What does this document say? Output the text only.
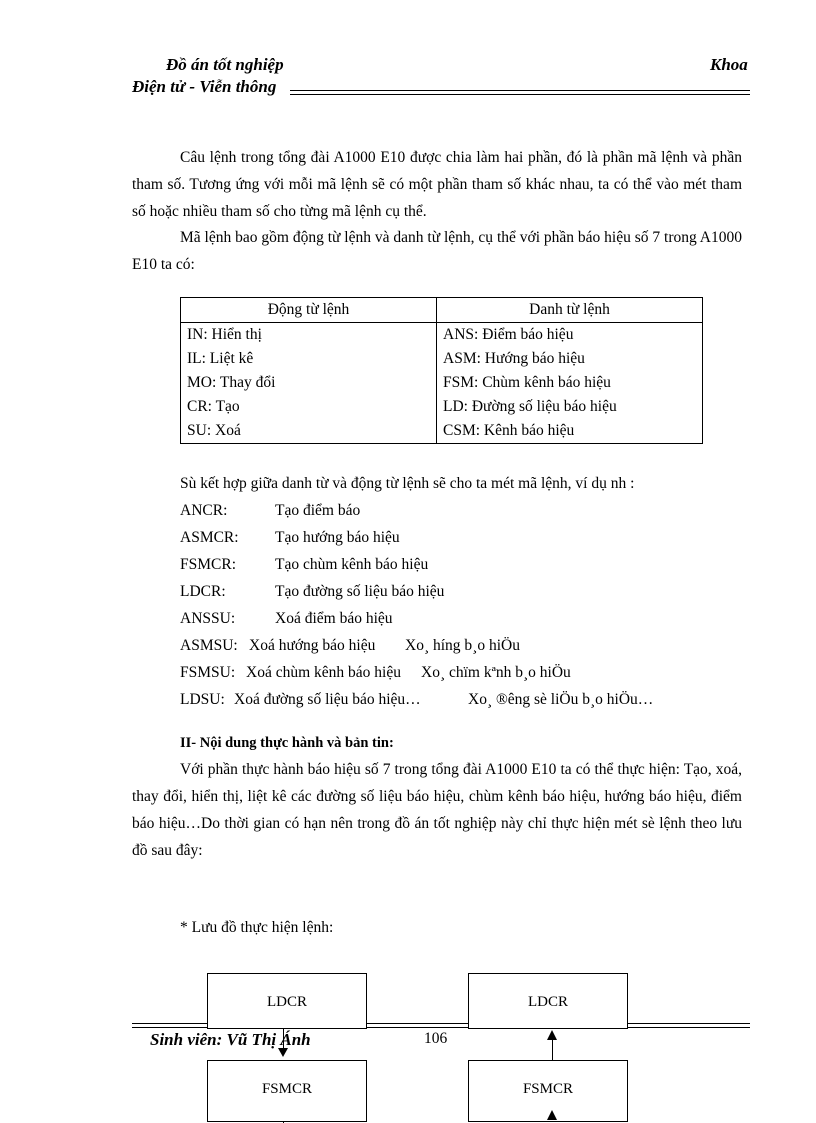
Đồ án tốt nghiệp	Khoa
Điện tử - Viễn thông

Câu lệnh trong tổng đài A1000 E10 được chia làm hai phần, đó là phần mã lệnh và phần tham số. Tương ứng với mỗi mã lệnh sẽ có một phần tham số khác nhau, ta có thể vào mét tham số hoặc nhiều tham số cho từng mã lệnh cụ thể.

Mã lệnh bao gồm động từ lệnh và danh từ lệnh, cụ thể với phần báo hiệu số 7 trong A1000 E10 ta có:

Động từ lệnh	Danh từ lệnh
IN: Hiển thị	ANS: Điểm báo hiệu
IL: Liệt kê	ASM: Hướng báo hiệu
MO: Thay đổi	FSM: Chùm kênh báo hiệu
CR: Tạo	LD: Đường số liệu báo hiệu
SU: Xoá	CSM: Kênh báo hiệu
Sù kết hợp giữa danh từ và động từ lệnh sẽ cho ta mét mã lệnh, ví dụ nh :
ANCR:	Tạo điểm báo
ASMCR: Tạo hướng báo hiệu
FSMCR:	Tạo chùm kênh báo hiệu
LDCR:	Tạo đường số liệu báo hiệu
ANSSU:	Xoá điểm báo hiệu
ASMSU: Xoá hướng báo hiệu Xo¸ híng b¸o hiÖu
FSMSU: Xoá chùm kênh báo hiệu Xo¸ chïm kªnh b¸o hiÖu
LDSU: Xoá đường số liệu báo hiệu…	Xo¸ ®êng sè liÖu b¸o hiÖu…
II- Nội dung thực hành và bản tin:

Với phần thực hành báo hiệu số 7 trong tổng đài A1000 E10 ta có thể thực hiện: Tạo, xoá, thay đổi, hiển thị, liệt kê các đường số liệu báo hiệu, chùm kênh báo hiệu, hướng báo hiệu, điểm báo hiệu…Do thời gian có hạn nên trong đồ án tốt nghiệp này chỉ thực hiện mét sè lệnh theo lưu đồ sau đây:

* Lưu đồ thực hiện lệnh:
LDCR	LDCR
FSMCR	FSMCR
Sinh viên: Vũ Thị Ánh	106
